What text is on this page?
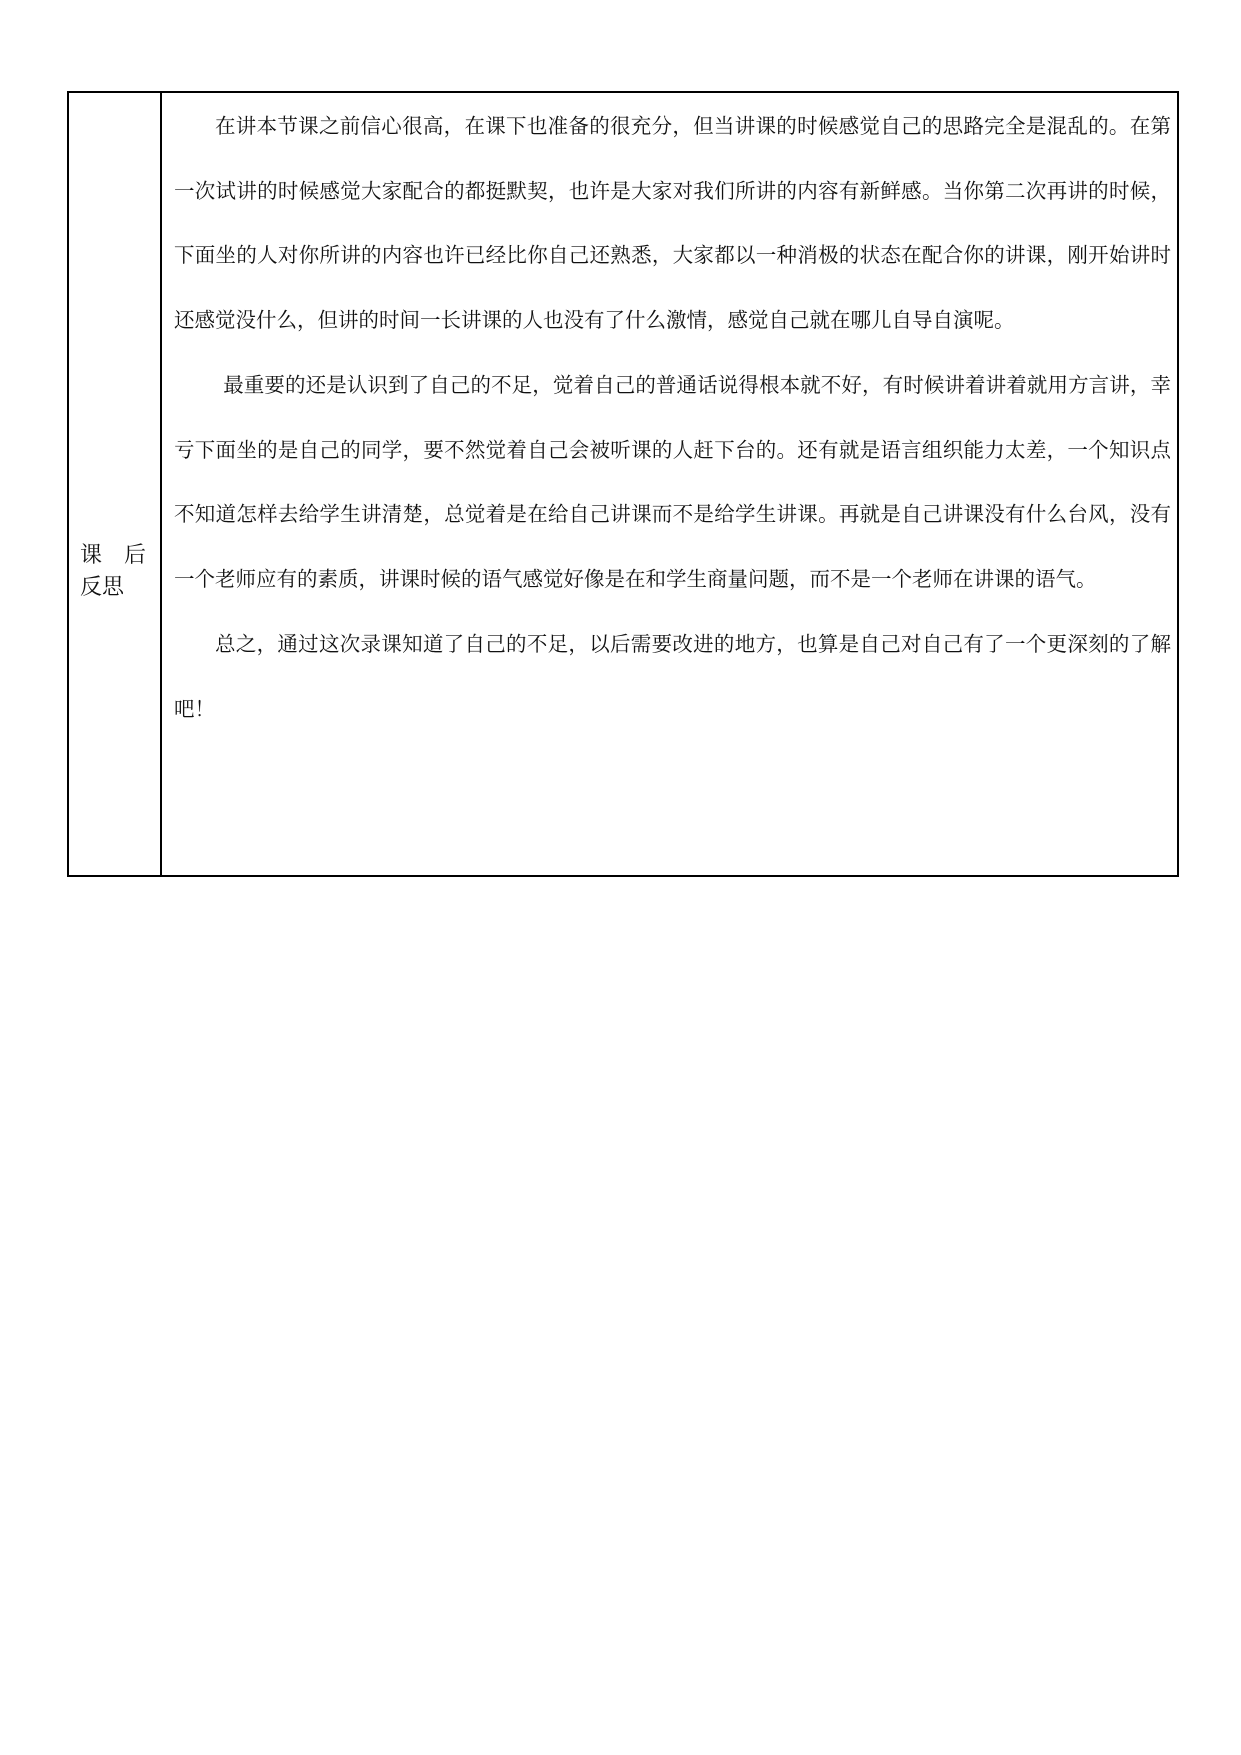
课 后
反思

在讲本节课之前信心很高，在课下也准备的很充分，但当讲课的时候感觉自己的思路完全是混乱的。在第一次试讲的时候感觉大家配合的都挺默契，也许是大家对我们所讲的内容有新鲜感。当你第二次再讲的时候，下面坐的人对你所讲的内容也许已经比你自己还熟悉，大家都以一种消极的状态在配合你的讲课，刚开始讲时还感觉没什么，但讲的时间一长讲课的人也没有了什么激情，感觉自己就在哪儿自导自演呢。

最重要的还是认识到了自己的不足，觉着自己的普通话说得根本就不好，有时候讲着讲着就用方言讲，幸亏下面坐的是自己的同学，要不然觉着自己会被听课的人赶下台的。还有就是语言组织能力太差，一个知识点不知道怎样去给学生讲清楚，总觉着是在给自己讲课而不是给学生讲课。再就是自己讲课没有什么台风，没有一个老师应有的素质，讲课时候的语气感觉好像是在和学生商量问题，而不是一个老师在讲课的语气。

总之，通过这次录课知道了自己的不足，以后需要改进的地方，也算是自己对自己有了一个更深刻的了解吧！
